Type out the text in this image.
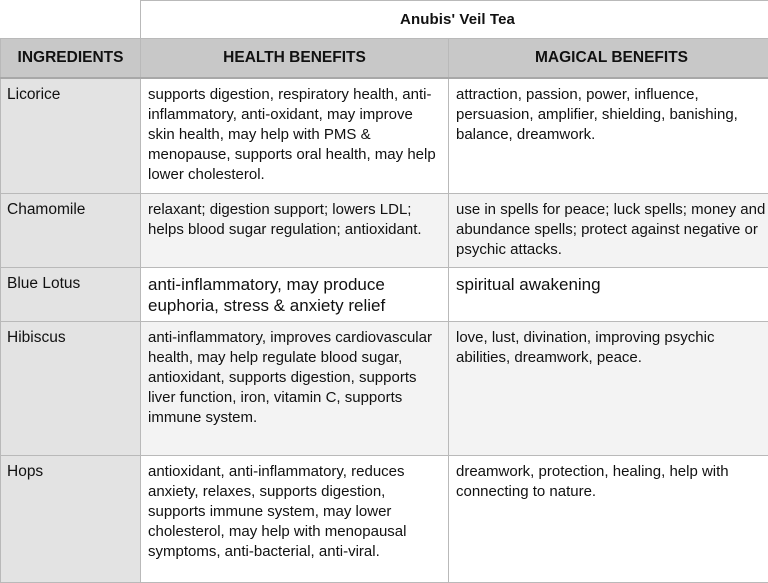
	Anubis' Veil Tea	
INGREDIENTS	HEALTH BENEFITS	MAGICAL BENEFITS
Licorice	supports digestion, respiratory health, anti-inflammatory, anti-oxidant, may improve skin health, may help with PMS & menopause, supports oral health, may help lower cholesterol.	attraction, passion, power, influence, persuasion, amplifier, shielding, banishing, balance, dreamwork.
Chamomile	relaxant; digestion support; lowers LDL; helps blood sugar regulation; antioxidant.	use in spells for peace; luck spells; money and abundance spells; protect against negative or psychic attacks.
Blue Lotus	anti-inflammatory, may produce euphoria, stress & anxiety relief	spiritual awakening
Hibiscus	anti-inflammatory, improves cardiovascular health, may help regulate blood sugar, antioxidant, supports digestion, supports liver function, iron, vitamin C, supports immune system.	love, lust, divination, improving psychic abilities, dreamwork, peace.
Hops	antioxidant, anti-inflammatory, reduces anxiety, relaxes, supports digestion, supports immune system, may lower cholesterol, may help with menopausal symptoms, anti-bacterial, anti-viral.	dreamwork, protection, healing, help with connecting to nature.
